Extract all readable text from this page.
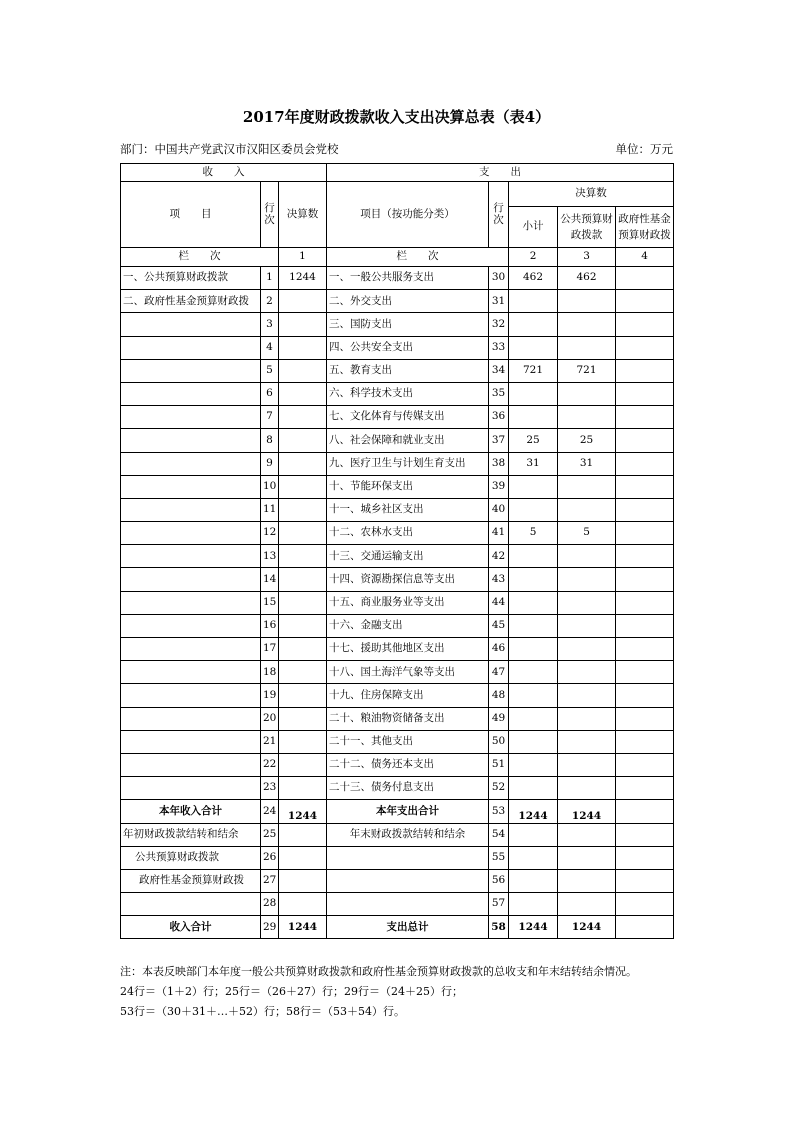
2017年度财政拨款收入支出决算总表（表4）
部门：中国共产党武汉市汉阳区委员会党校	单位：万元
收　　入			支　　出				
项　　目	行次	决算数	项目（按功能分类）	行次	决算数		
					小计	公共预算财政拨款	政府性基金预算财政拨
栏　　次		1	栏　　次		2	3	4
一、公共预算财政拨款	1	1244	一、一般公共服务支出	30	462	462	
二、政府性基金预算财政拨	2		二、外交支出	31			
	3		三、国防支出	32			
	4		四、公共安全支出	33			
	5		五、教育支出	34	721	721	
	6		六、科学技术支出	35			
	7		七、文化体育与传媒支出	36			
	8		八、社会保障和就业支出	37	25	25	
	9		九、医疗卫生与计划生育支出	38	31	31	
	10		十、节能环保支出	39			
	11		十一、城乡社区支出	40			
	12		十二、农林水支出	41	5	5	
	13		十三、交通运输支出	42			
	14		十四、资源勘探信息等支出	43			
	15		十五、商业服务业等支出	44			
	16		十六、金融支出	45			
	17		十七、援助其他地区支出	46			
	18		十八、国土海洋气象等支出	47			
	19		十九、住房保障支出	48			
	20		二十、粮油物资储备支出	49			
	21		二十一、其他支出	50			
	22		二十二、债务还本支出	51			
	23		二十三、债务付息支出	52			
本年收入合计	24	1244	本年支出合计	53	1244	1244	
年初财政拨款结转和结余	25		年末财政拨款结转和结余	54			
公共预算财政拨款	26			55			
政府性基金预算财政拨	27			56			
	28			57			
收入合计	29	1244	支出总计	58	1244	1244	
注：本表反映部门本年度一般公共预算财政拨款和政府性基金预算财政拨款的总收支和年末结转结余情况。
24行＝（1＋2）行；25行＝（26＋27）行；29行＝（24＋25）行；
53行＝（30＋31＋…＋52）行；58行＝（53＋54）行。
